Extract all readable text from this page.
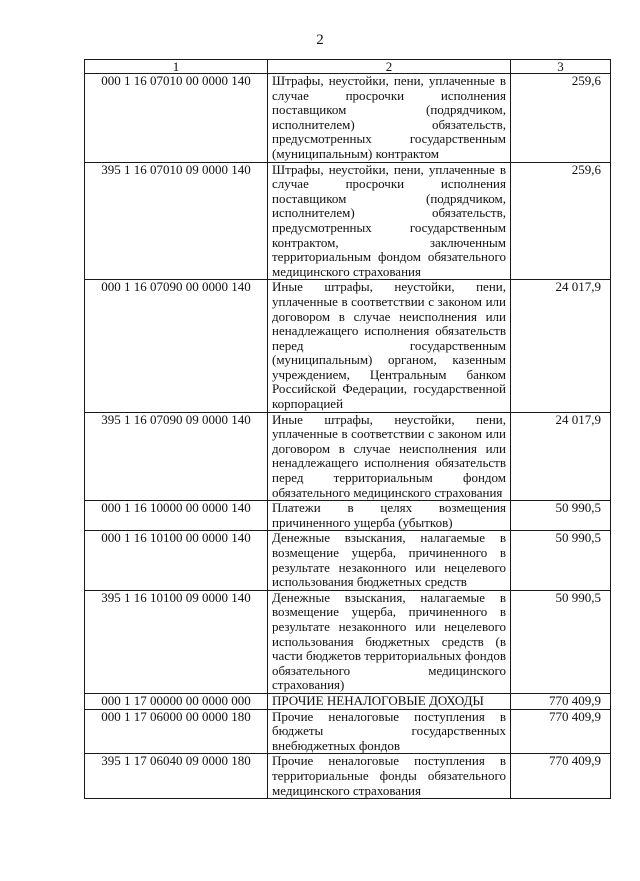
2
1	2	3
000 1 16 07010 00 0000 140	Штрафы, неустойки, пени, уплаченные в случае просрочки исполнения поставщиком (подрядчиком, исполнителем) обязательств, предусмотренных государственным (муниципальным) контрактом	259,6
395 1 16 07010 09 0000 140	Штрафы, неустойки, пени, уплаченные в случае просрочки исполнения поставщиком (подрядчиком, исполнителем) обязательств, предусмотренных государственным контрактом, заключенным территориальным фондом обязательного медицинского страхования	259,6
000 1 16 07090 00 0000 140	Иные штрафы, неустойки, пени, уплаченные в соответствии с законом или договором в случае неисполнения или ненадлежащего исполнения обязательств перед государственным (муниципальным) органом, казенным учреждением, Центральным банком Российской Федерации, государственной корпорацией	24 017,9
395 1 16 07090 09 0000 140	Иные штрафы, неустойки, пени, уплаченные в соответствии с законом или договором в случае неисполнения или ненадлежащего исполнения обязательств перед территориальным фондом обязательного медицинского страхования	24 017,9
000 1 16 10000 00 0000 140	Платежи в целях возмещения причиненного ущерба (убытков)	50 990,5
000 1 16 10100 00 0000 140	Денежные взыскания, налагаемые в возмещение ущерба, причиненного в результате незаконного или нецелевого использования бюджетных средств	50 990,5
395 1 16 10100 09 0000 140	Денежные взыскания, налагаемые в возмещение ущерба, причиненного в результате незаконного или нецелевого использования бюджетных средств (в части бюджетов территориальных фондов обязательного медицинского страхования)	50 990,5
000 1 17 00000 00 0000 000	ПРОЧИЕ НЕНАЛОГОВЫЕ ДОХОДЫ	770 409,9
000 1 17 06000 00 0000 180	Прочие неналоговые поступления в бюджеты государственных внебюджетных фондов	770 409,9
395 1 17 06040 09 0000 180	Прочие неналоговые поступления в территориальные фонды обязательного медицинского страхования	770 409,9
